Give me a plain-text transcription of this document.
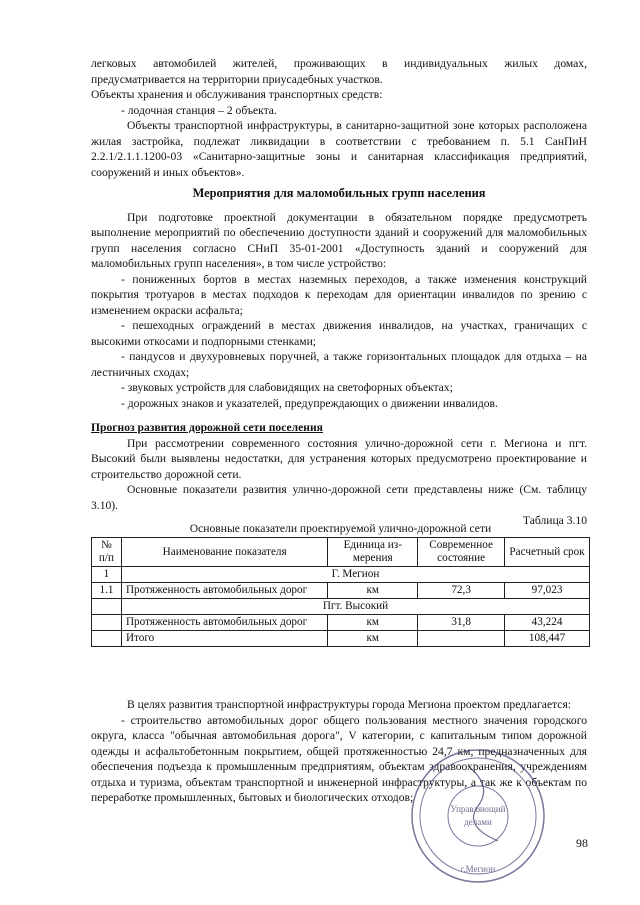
легковых автомобилей жителей, проживающих в индивидуальных жилых домах, предусматривается на территории приусадебных участков.

Объекты хранения и обслуживания транспортных средств:

- лодочная станция – 2 объекта.

Объекты транспортной инфраструктуры, в санитарно-защитной зоне которых расположена жилая застройка, подлежат ликвидации в соответствии с требованием п. 5.1 СанПиН 2.2.1/2.1.1.1200-03 «Санитарно-защитные зоны и санитарная классификация предприятий, сооружений и иных объектов».

Мероприятия для маломобильных групп населения

При подготовке проектной документации в обязательном порядке предусмотреть выполнение мероприятий по обеспечению доступности зданий и сооружений для маломобильных групп населения согласно СНиП 35-01-2001 «Доступность зданий и сооружений для маломобильных групп населения», в том числе устройство:

- пониженных бортов в местах наземных переходов, а также изменения конструкций покрытия тротуаров в местах подходов к переходам для ориентации инвалидов по зрению с изменением окраски асфальта;

- пешеходных ограждений в местах движения инвалидов, на участках, граничащих с высокими откосами и подпорными стенками;

- пандусов и двухуровневых поручней, а также горизонтальных площадок для отдыха – на лестничных сходах;

- звуковых устройств для слабовидящих на светофорных объектах;

- дорожных знаков и указателей, предупреждающих о движении инвалидов.

Прогноз развития дорожной сети поселения

При рассмотрении современного состояния улично-дорожной сети г. Мегиона и пгт. Высокий были выявлены недостатки, для устранения которых предусмотрено проектирование и строительство дорожной сети.

Основные показатели развития улично-дорожной сети представлены ниже (См. таблицу 3.10).

Таблица 3.10

Основные показатели проектируемой улично-дорожной сети
№ п/п	Наименование показателя	Единица из-мерения	Современное состояние	Расчетный срок
1	Г. Мегион			
1.1	Протяженность автомобильных дорог	км	72,3	97,023
	Пгт. Высокий			
	Протяженность автомобильных дорог	км	31,8	43,224
	Итого	км		108,447

В целях развития транспортной инфраструктуры города Мегиона проектом предлагается:

- строительство автомобильных дорог общего пользования местного значения городского округа, класса "обычная автомобильная дорога", V категории, с капитальным типом дорожной одежды и асфальтобетонным покрытием, общей протяженностью 24,7 км, предназначенных для обеспечения подъезда к промышленным предприятиям, объектам здравоохранения, учреждениям отдыха и туризма, объектам транспортной и инженерной инфраструктуры, а так же к объектам по переработке промышленных, бытовых и биологических отходов;

98
Управляющий
делами
г.Мегион
